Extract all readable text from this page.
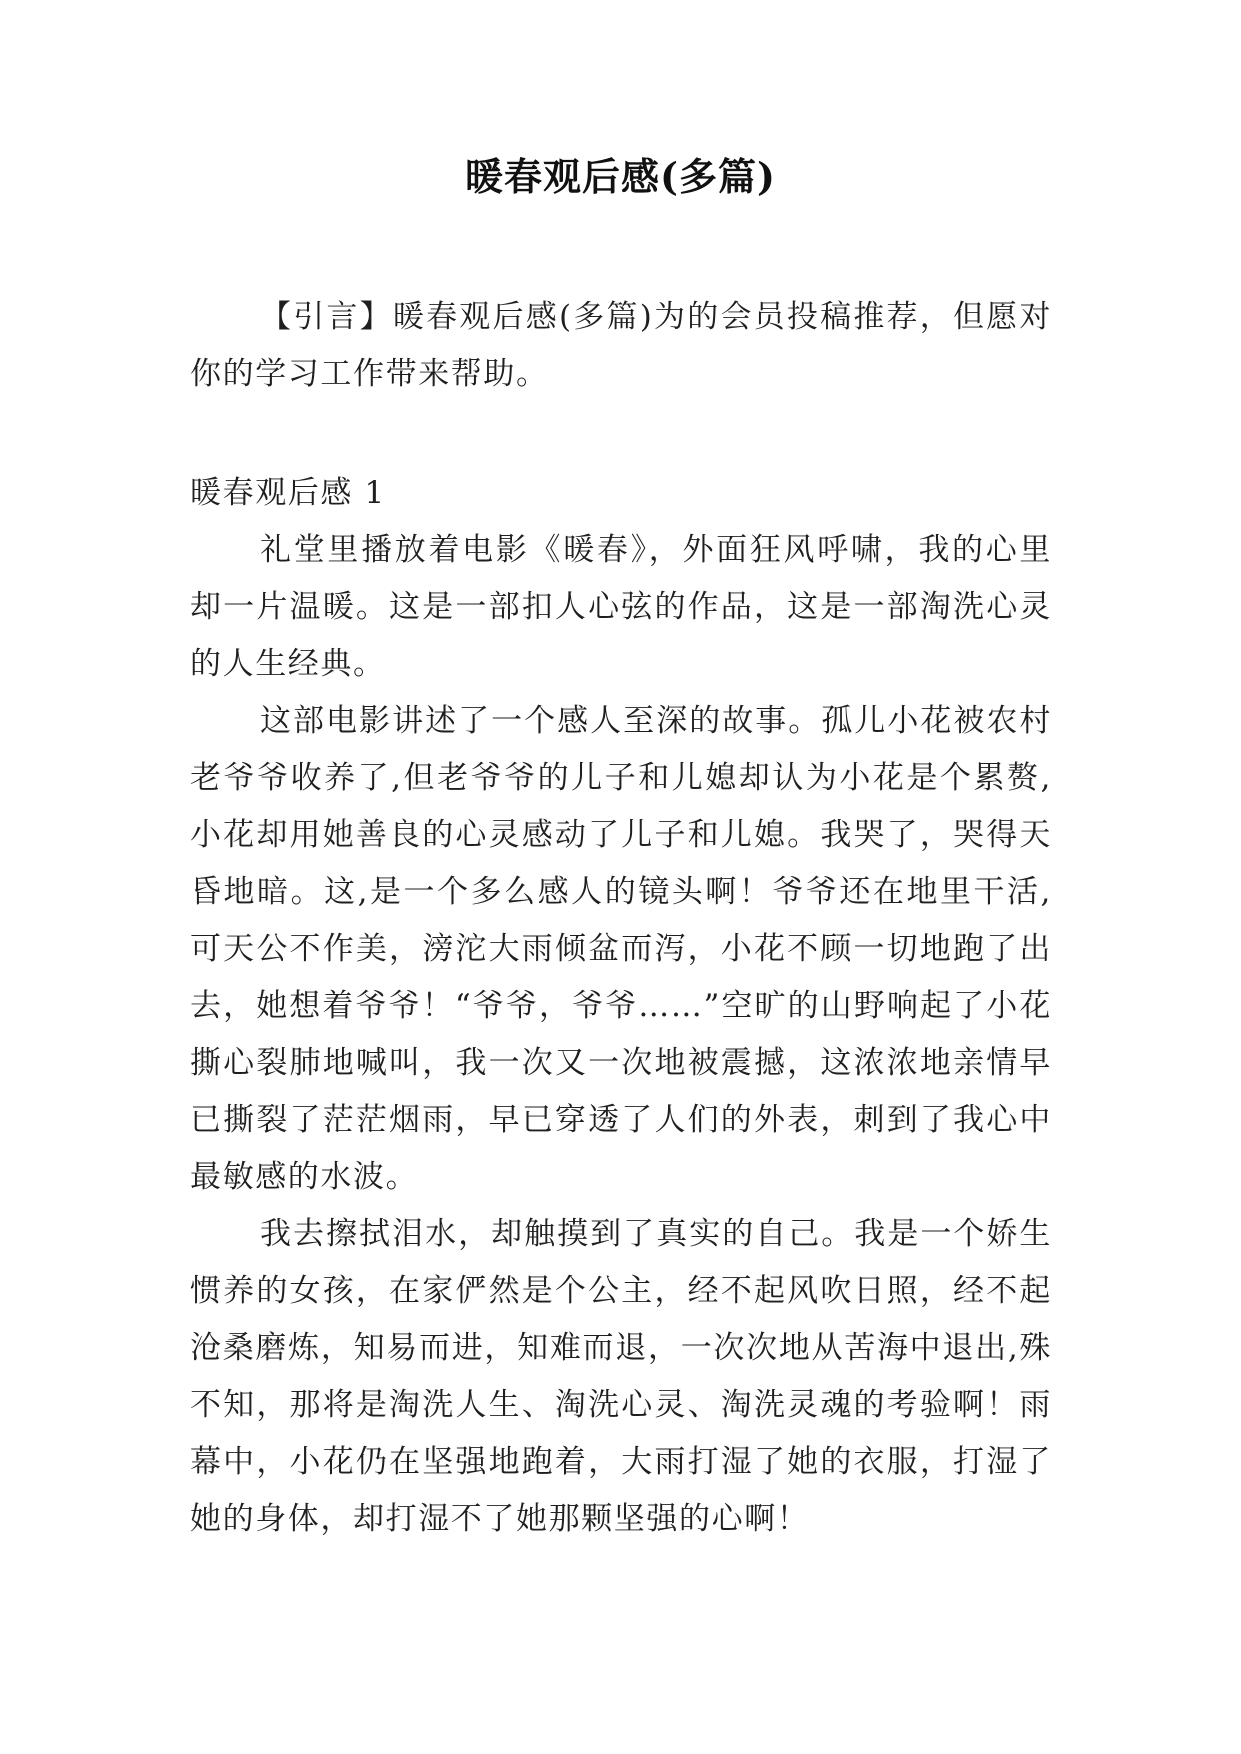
暖春观后感(多篇)

【引言】暖春观后感(多篇)为的会员投稿推荐，但愿对你的学习工作带来帮助。

暖春观后感 1

礼堂里播放着电影《暖春》，外面狂风呼啸，我的心里却一片温暖。这是一部扣人心弦的作品，这是一部淘洗心灵的人生经典。

这部电影讲述了一个感人至深的故事。孤儿小花被农村老爷爷收养了,但老爷爷的儿子和儿媳却认为小花是个累赘,小花却用她善良的心灵感动了儿子和儿媳。我哭了，哭得天昏地暗。这,是一个多么感人的镜头啊！爷爷还在地里干活,可天公不作美，滂沱大雨倾盆而泻，小花不顾一切地跑了出去，她想着爷爷！“爷爷，爷爷……”空旷的山野响起了小花撕心裂肺地喊叫，我一次又一次地被震撼，这浓浓地亲情早已撕裂了茫茫烟雨，早已穿透了人们的外表，刺到了我心中最敏感的水波。

我去擦拭泪水，却触摸到了真实的自己。我是一个娇生惯养的女孩，在家俨然是个公主，经不起风吹日照，经不起沧桑磨炼，知易而进，知难而退，一次次地从苦海中退出,殊不知，那将是淘洗人生、淘洗心灵、淘洗灵魂的考验啊！雨幕中，小花仍在坚强地跑着，大雨打湿了她的衣服，打湿了她的身体，却打湿不了她那颗坚强的心啊！
